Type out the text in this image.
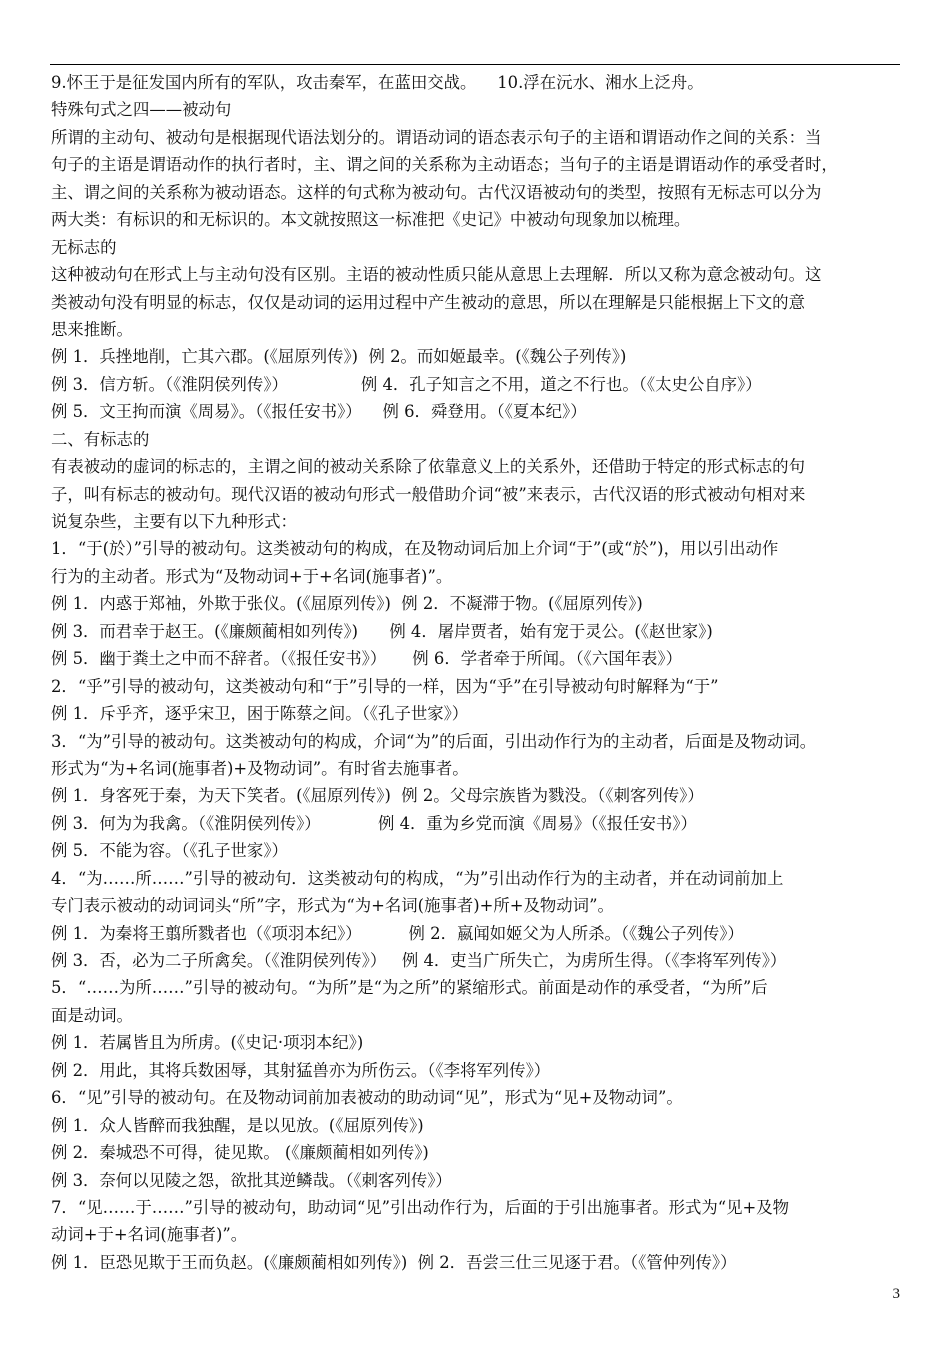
9.怀王于是征发国内所有的军队，攻击秦军，在蓝田交战。    10.浮在沅水、湘水上泛舟。
特殊句式之四——被动句
所谓的主动句、被动句是根据现代语法划分的。谓语动词的语态表示句子的主语和谓语动作之间的关系：当
句子的主语是谓语动作的执行者时，主、谓之间的关系称为主动语态；当句子的主语是谓语动作的承受者时，
主、谓之间的关系称为被动语态。这样的句式称为被动句。古代汉语被动句的类型，按照有无标志可以分为
两大类：有标识的和无标识的。本文就按照这一标准把《史记》中被动句现象加以梳理。
无标志的
这种被动句在形式上与主动句没有区别。主语的被动性质只能从意思上去理解．所以又称为意念被动句。这
类被动句没有明显的标志，仅仅是动词的运用过程中产生被动的意思，所以在理解是只能根据上下文的意
思来推断。
例 1．兵挫地削，亡其六郡。(《屈原列传》)  例 2。而如姬最幸。(《魏公子列传》)
例 3．信方斩。（《淮阴侯列传》）              例 4．孔子知言之不用，道之不行也。（《太史公自序》）
例 5．文王拘而演《周易》。（《报任安书》）    例 6．舜登用。（《夏本纪》）
二、有标志的
有表被动的虚词的标志的，主谓之间的被动关系除了依靠意义上的关系外，还借助于特定的形式标志的句
子，叫有标志的被动句。现代汉语的被动句形式一般借助介词“被”来表示，古代汉语的形式被动句相对来
说复杂些，主要有以下九种形式：
1．“于(於）”引导的被动句。这类被动句的构成，在及物动词后加上介词“于”(或“於”)，用以引出动作
行为的主动者。形式为“及物动词+于+名词(施事者)”。
例 1．内惑于郑袖，外欺于张仪。(《屈原列传》)  例 2．不凝滞于物。(《屈原列传》)
例 3．而君幸于赵王。(《廉颇蔺相如列传》)      例 4．屠岸贾者，始有宠于灵公。(《赵世家》)
例 5．幽于粪土之中而不辞者。（《报任安书》）     例 6．学者牵于所闻。（《六国年表》）
2．“乎”引导的被动句，这类被动句和“于”引导的一样，因为“乎”在引导被动句时解释为“于”
例 1．斥乎齐，逐乎宋卫，困于陈蔡之间。（《孔子世家》）
3．“为”引导的被动句。这类被动句的构成，介词“为”的后面，引出动作行为的主动者，后面是及物动词。
形式为“为+名词(施事者)+及物动词”。有时省去施事者。
例 1．身客死于秦，为天下笑者。(《屈原列传》)  例 2。父母宗族皆为戮没。（《刺客列传》）
例 3．何为为我禽。（《淮阴侯列传》）           例 4．重为乡党而演《周易》（《报任安书》）
例 5．不能为容。（《孔子世家》）
4．“为……所……”引导的被动句．这类被动句的构成，“为”引出动作行为的主动者，并在动词前加上
专门表示被动的动词词头“所”字，形式为“为+名词(施事者)+所+及物动词”。
例 1．为秦将王翦所戮者也（《项羽本纪》）         例 2．嬴闻如姬父为人所杀。（《魏公子列传》）
例 3．否，必为二子所禽矣。（《淮阴侯列传》）   例 4．吏当广所失亡，为虏所生得。（《李将军列传》）
5．“……为所……”引导的被动句。“为所”是“为之所”的紧缩形式。前面是动作的承受者，“为所”后
面是动词。
例 1．若属皆且为所虏。(《史记·项羽本纪》)
例 2．用此，其将兵数困辱，其射猛兽亦为所伤云。（《李将军列传》）
6．“见”引导的被动句。在及物动词前加表被动的助动词“见”，形式为“见+及物动词”。
例 1．众人皆醉而我独醒，是以见放。(《屈原列传》)
例 2．秦城恐不可得，徒见欺。 (《廉颇蔺相如列传》)
例 3．奈何以见陵之怨，欲批其逆鳞哉。（《刺客列传》）
7．“见……于……”引导的被动句，助动词“见”引出动作行为，后面的于引出施事者。形式为“见+及物
动词+于+名词(施事者)”。
例 1．臣恐见欺于王而负赵。(《廉颇蔺相如列传》)  例 2．吾尝三仕三见逐于君。（《管仲列传》）
3
